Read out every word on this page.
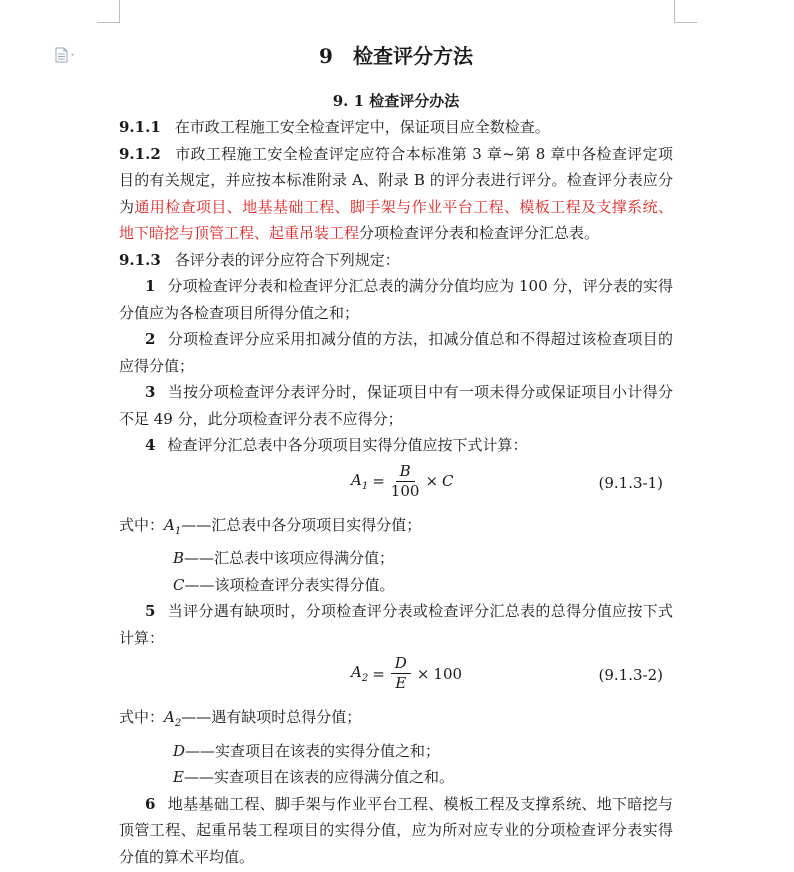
9　检查评分方法
9. 1 检查评分办法

9.1.1 在市政工程施工安全检查评定中，保证项目应全数检查。

9.1.2 市政工程施工安全检查评定应符合本标准第 3 章~第 8 章中各检查评定项目的有关规定，并应按本标准附录 A、附录 B 的评分表进行评分。检查评分表应分为通用检查项目、地基基础工程、脚手架与作业平台工程、模板工程及支撑系统、地下暗挖与顶管工程、起重吊装工程分项检查评分表和检查评分汇总表。

9.1.3 各评分表的评分应符合下列规定：

1 分项检查评分表和检查评分汇总表的满分分值均应为 100 分，评分表的实得分值应为各检查项目所得分值之和；

2 分项检查评分应采用扣减分值的方法，扣减分值总和不得超过该检查项目的应得分值；

3 当按分项检查评分表评分时，保证项目中有一项未得分或保证项目小计得分不足 49 分，此分项检查评分表不应得分；

4 检查评分汇总表中各分项项目实得分值应按下式计算：

$A_1 = \frac{B}{100} \times C$	(9.1.3-1)

式中：$A_1——$汇总表中各分项项目实得分值；

B——汇总表中该项应得满分值；

C——该项检查评分表实得分值。

5 当评分遇有缺项时，分项检查评分表或检查评分汇总表的总得分值应按下式计算：

$A_2 = \frac{D}{E} \times 100$	(9.1.3-2)

式中：$A_2——$遇有缺项时总得分值；

D——实查项目在该表的实得分值之和；

E——实查项目在该表的应得满分值之和。

6 地基基础工程、脚手架与作业平台工程、模板工程及支撑系统、地下暗挖与顶管工程、起重吊装工程项目的实得分值，应为所对应专业的分项检查评分表实得分值的算术平均值。
